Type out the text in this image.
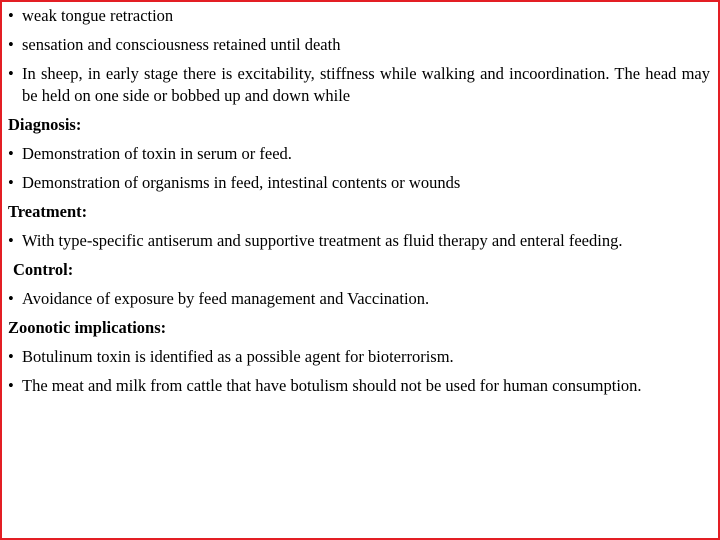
• weak tongue retraction
• sensation and consciousness retained until death
• In sheep, in early stage there is excitability, stiffness while walking and incoordination. The head may be held on one side or bobbed up and down while
Diagnosis:
• Demonstration of toxin in serum or feed.
• Demonstration of organisms in feed, intestinal contents or wounds
Treatment:
• With type-specific antiserum and supportive treatment as fluid therapy and enteral feeding.
Control:
• Avoidance of exposure by feed management and Vaccination.
Zoonotic implications:
• Botulinum toxin is identified as a possible agent for bioterrorism.
• The meat and milk from cattle that have botulism should not be used for human consumption.
